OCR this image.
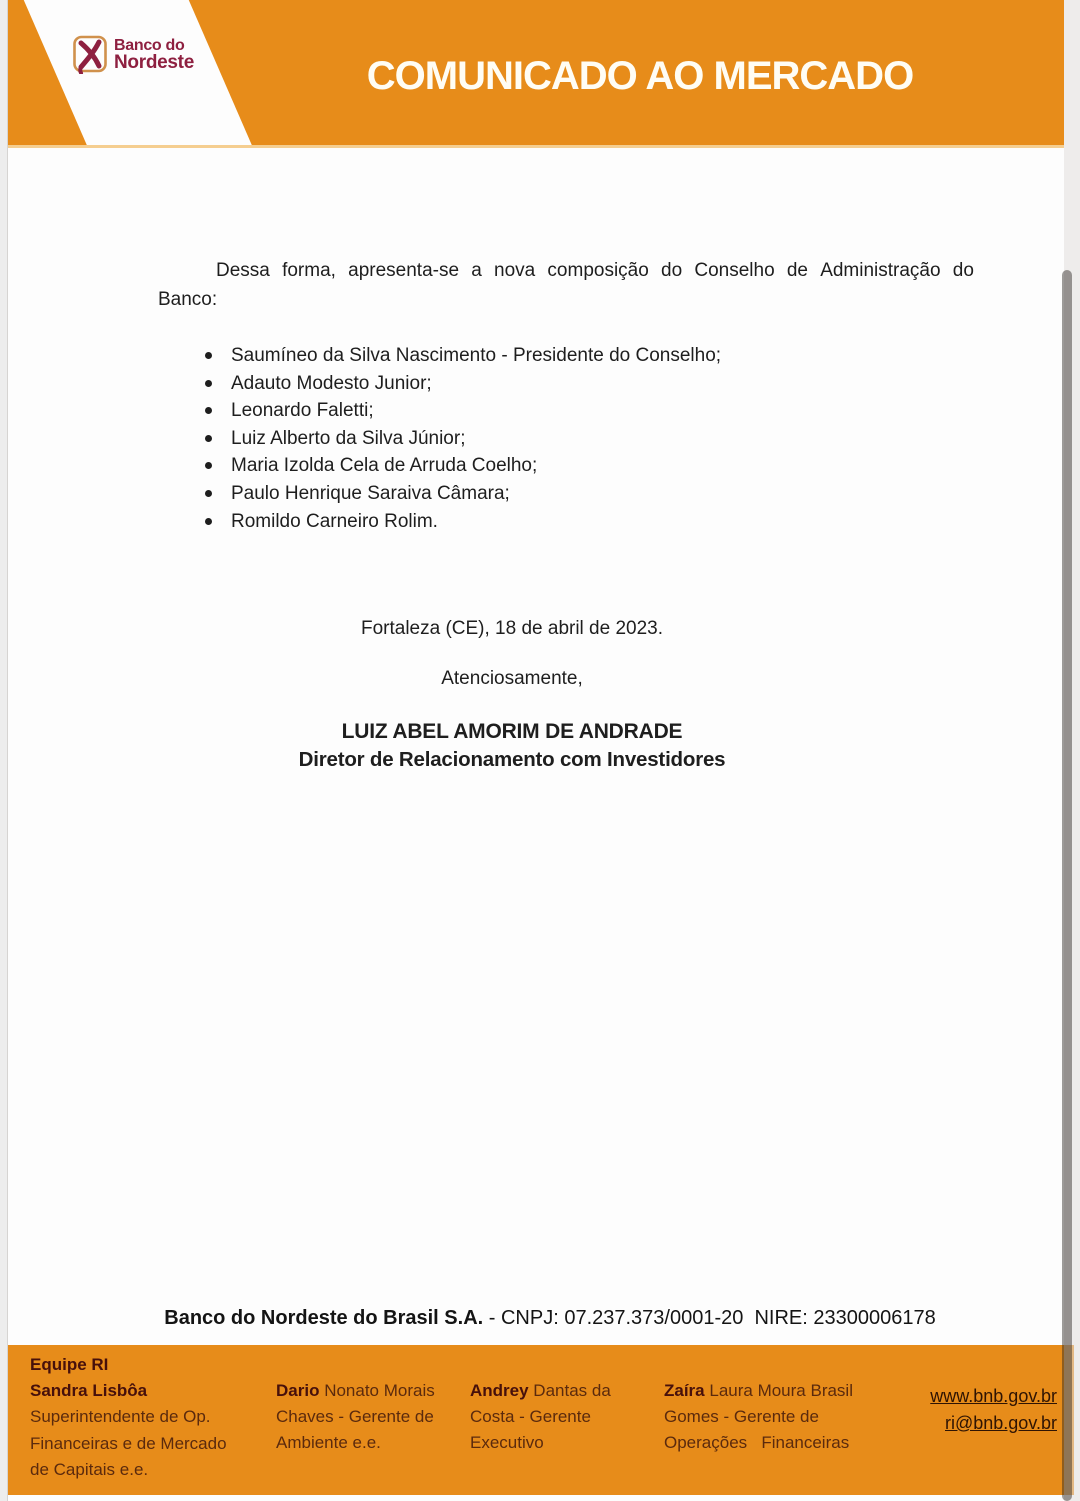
Banco do
Nordeste	COMUNICADO AO MERCADO
Dessa forma, apresenta-se a nova composição do Conselho de Administração do
Banco:
Saumíneo da Silva Nascimento - Presidente do Conselho;
Adauto Modesto Junior;
Leonardo Faletti;
Luiz Alberto da Silva Júnior;
Maria Izolda Cela de Arruda Coelho;
Paulo Henrique Saraiva Câmara;
Romildo Carneiro Rolim.
Fortaleza (CE), 18 de abril de 2023.
Atenciosamente,
LUIZ ABEL AMORIM DE ANDRADE
Diretor de Relacionamento com Investidores
Banco do Nordeste do Brasil S.A. - CNPJ: 07.237.373/0001-20  NIRE: 23300006178
Equipe RI
Sandra Lisbôa
Superintendente de Op.
Financeiras e de Mercado
de Capitais e.e.
Dario Nonato Morais
Chaves - Gerente de
Ambiente e.e.
Andrey Dantas da
Costa - Gerente
Executivo
Zaíra Laura Moura Brasil
Gomes - Gerente de
Operações   Financeiras
www.bnb.gov.br
ri@bnb.gov.br
